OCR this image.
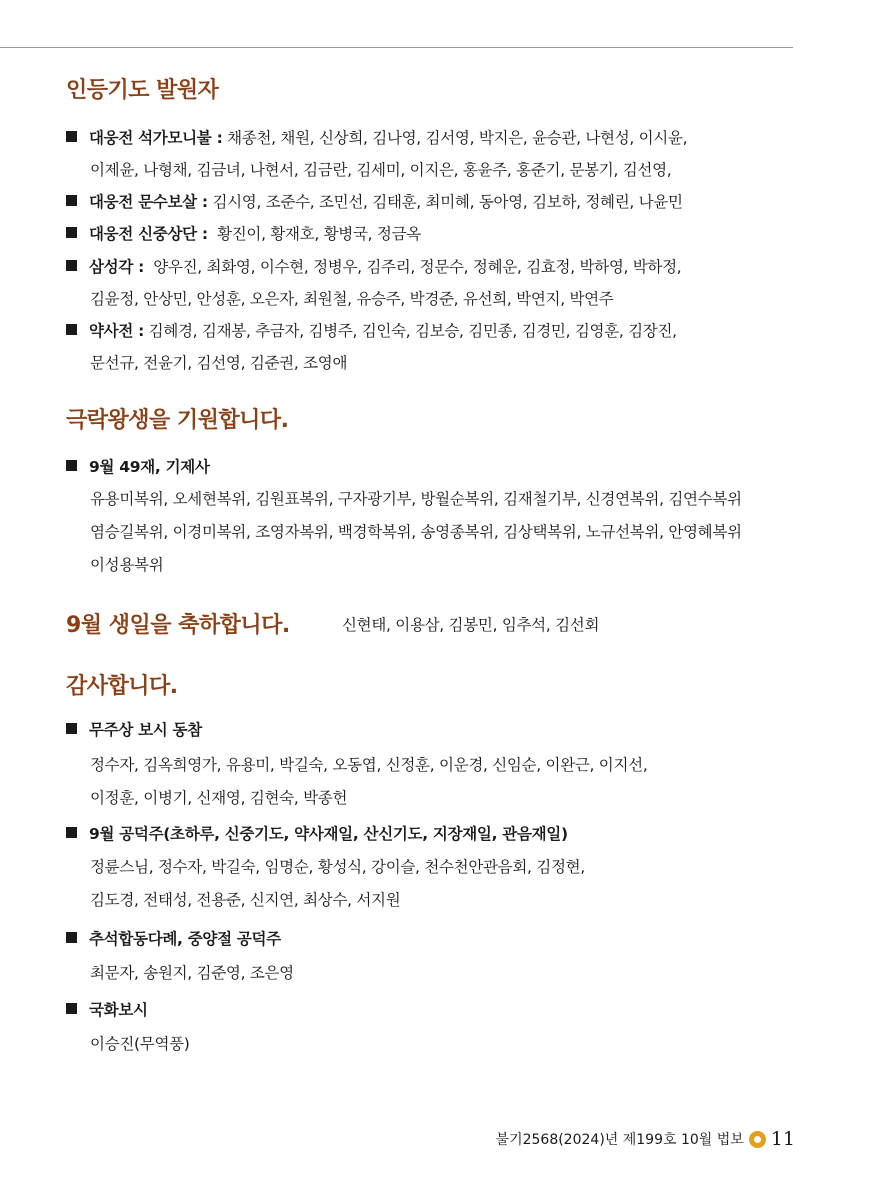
인등기도 발원자
대웅전 석가모니불 : 채종천, 채원, 신상희, 김나영, 김서영, 박지은, 윤승관, 나현성, 이시윤,
이제윤, 나형채, 김금녀, 나현서, 김금란, 김세미, 이지은, 홍윤주, 홍준기, 문봉기, 김선영,
대웅전 문수보살 : 김시영, 조준수, 조민선, 김태훈, 최미혜, 동아영, 김보하, 정혜린, 나윤민
대웅전 신중상단 : 황진이, 황재호, 황병국, 정금옥
삼성각 : 양우진, 최화영, 이수현, 정병우, 김주리, 정문수, 정혜운, 김효정, 박하영, 박하정,
김윤정, 안상민, 안성훈, 오은자, 최원철, 유승주, 박경준, 유선희, 박연지, 박연주
약사전 : 김혜경, 김재봉, 추금자, 김병주, 김인숙, 김보승, 김민종, 김경민, 김영훈, 김장진,
문선규, 전윤기, 김선영, 김준권, 조영애
극락왕생을 기원합니다.
9월 49재, 기제사
유용미복위, 오세현복위, 김원표복위, 구자광기부, 방월순복위, 김재철기부, 신경연복위, 김연수복위
염승길복위, 이경미복위, 조영자복위, 백경학복위, 송영종복위, 김상택복위, 노규선복위, 안영혜복위
이성용복위
9월 생일을 축하합니다.	신현태, 이용삼, 김봉민, 임추석, 김선회
감사합니다.
무주상 보시 동참
정수자, 김옥희영가, 유용미, 박길숙, 오동엽, 신정훈, 이운경, 신임순, 이완근, 이지선,
이정훈, 이병기, 신재영, 김현숙, 박종헌
9월 공덕주(초하루, 신중기도, 약사재일, 산신기도, 지장재일, 관음재일)
정륜스님, 정수자, 박길숙, 임명순, 황성식, 강이슬, 천수천안관음회, 김정현,
김도경, 전태성, 전용준, 신지연, 최상수, 서지원
추석합동다례, 중양절 공덕주
최문자, 송원지, 김준영, 조은영
국화보시
이승진(무역풍)
불기2568(2024)년 제199호 10월 법보 11
